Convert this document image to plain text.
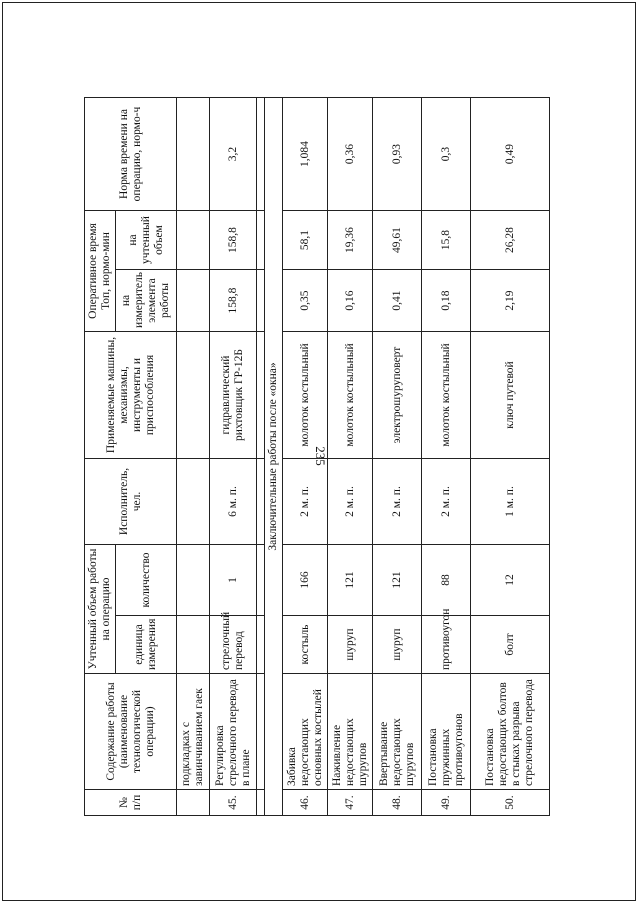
235
№ п/п	Содержание работы (наименование технологической операции)	Учтенный объем работы на операцию		Исполнитель, чел.	Применяемые машины, механизмы, инструменты и приспособления	Оперативное время Топ, нормо-мин		Норма времени на операцию, нормо-ч
		единица измерения	количество			на измеритель элемента работы	на учтенный объем	
	подкладках с завинчиванием гаек							
45.	Регулировка стрелочного перевода в плане	стрелочный перевод	1	6 м. п.	гидравлический рихтовщик ГР-12Б	158,8	158,8	3,2

Заключительные работы после «окна»								
46.	Забивка недостающих основных костылей	костыль	166	2 м. п.	молоток костыльный	0,35	58,1	1,084
47.	Наживление недостающих шурупов	шуруп	121	2 м. п.	молоток костыльный	0,16	19,36	0,36
48.	Ввертывание недостающих шурупов	шуруп	121	2 м. п.	электрошуруповерт	0,41	49,61	0,93
49.	Постановка пружинных противоугонов	противоугон	88	2 м. п.	молоток костыльный	0,18	15,8	0,3
50.	Постановка недостающих болтов в стыках разрыва стрелочного перевода	болт	12	1 м. п.	ключ путевой	2,19	26,28	0,49
